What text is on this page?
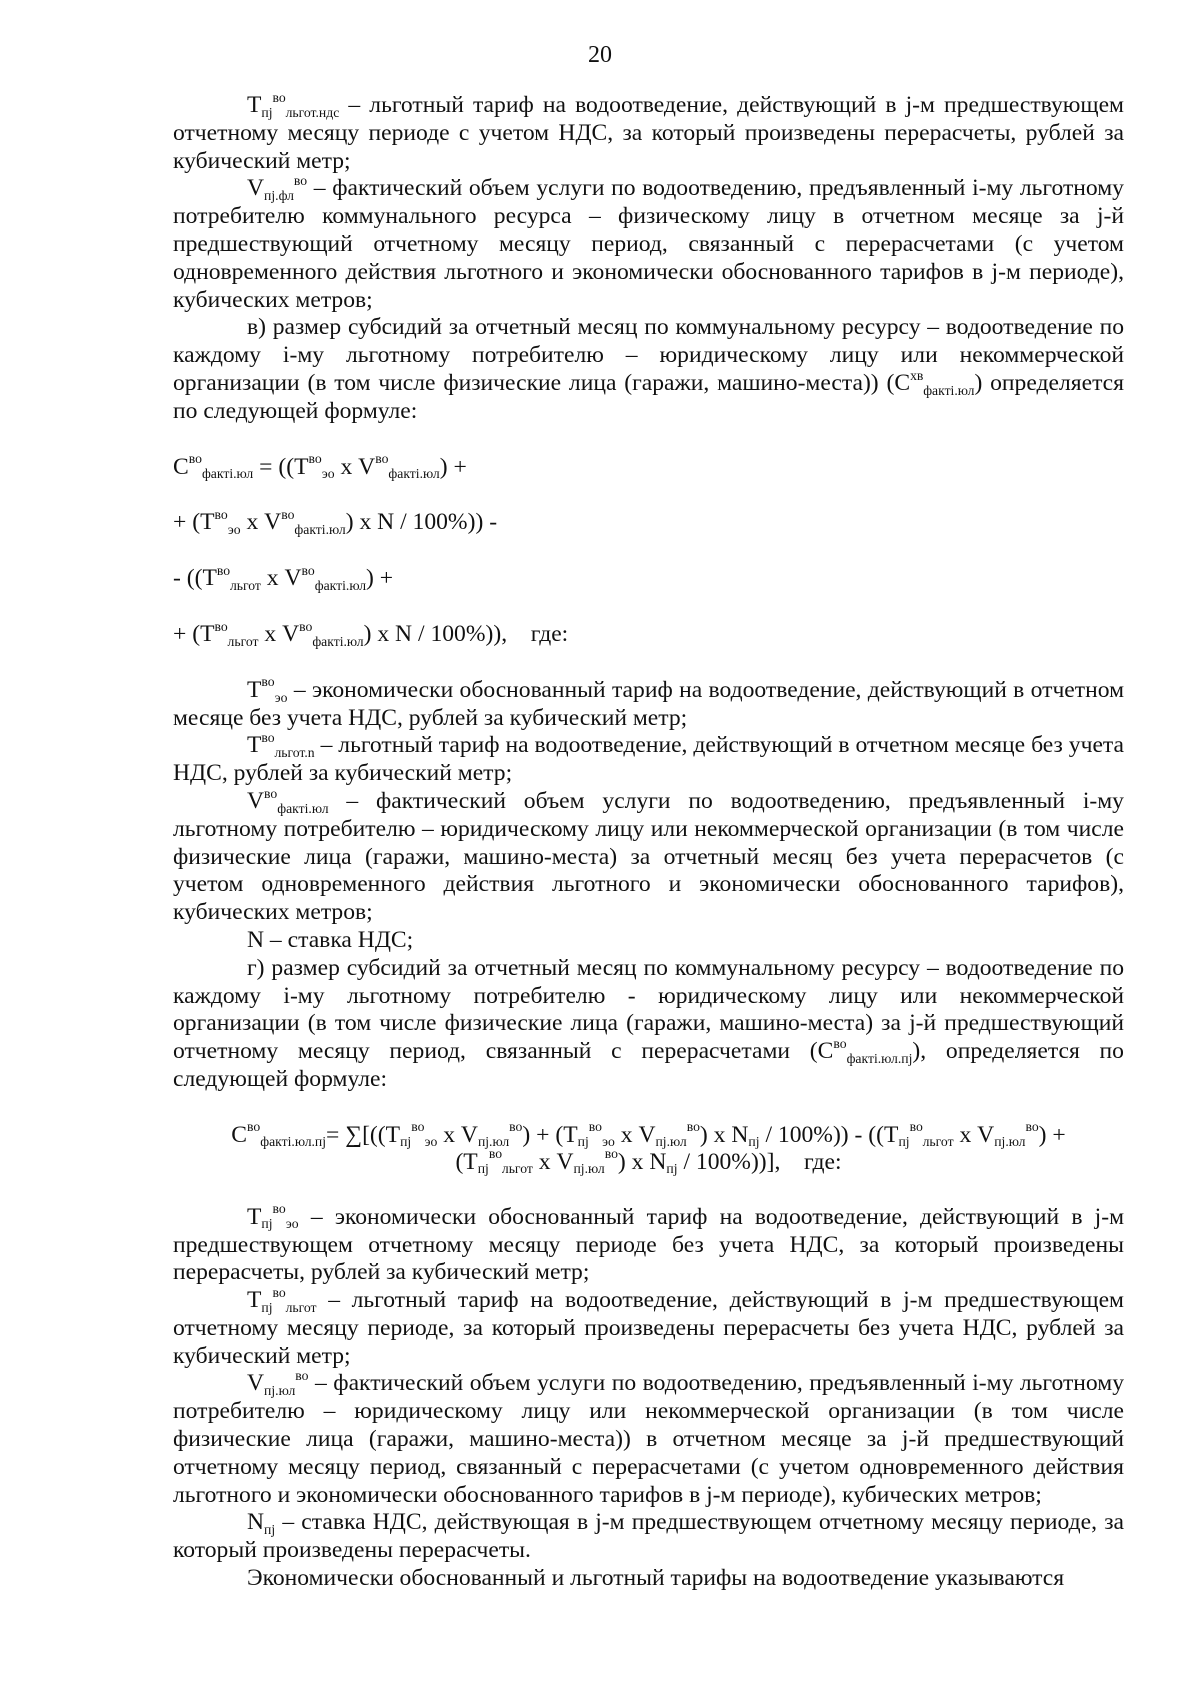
20

$Т_{пj}^{во}_{льгот.ндс}$ – льготный тариф на водоотведение, действующий в j-м предшествующем отчетному месяцу периоде с учетом НДС, за который произведены перерасчеты, рублей за кубический метр;

$V_{пj.фл}^{во}$ – фактический объем услуги по водоотведению, предъявленный i-му льготному потребителю коммунального ресурса – физическому лицу в отчетном месяце за j-й предшествующий отчетному месяцу период, связанный с перерасчетами (с учетом одновременного действия льготного и экономически обоснованного тарифов в j-м периоде), кубических метров;

в) размер субсидий за отчетный месяц по коммунальному ресурсу – водоотведение по каждому i-му льготному потребителю – юридическому лицу или некоммерческой организации (в том числе физические лица (гаражи, машино-места)) $(С^{хв}_{факті.юл})$ определяется по следующей формуле:

$С^{во}_{факті.юл} = ((Т^{во}_{эо}$ х $V^{во}_{факті.юл}$) +

+ ($Т^{во}_{эо}$ х $V^{во}_{факті.юл}$) х N / 100%)) -

- (($Т^{во}_{льгот}$ х $V^{во}_{факті.юл}$) +

+ ($Т^{во}_{льгот}$ х $V^{во}_{факті.юл}$) х N / 100%)), где:

$Т^{во}_{эо}$ – экономически обоснованный тариф на водоотведение, действующий в отчетном месяце без учета НДС, рублей за кубический метр;

$Т^{во}_{льгот.n}$ – льготный тариф на водоотведение, действующий в отчетном месяце без учета НДС, рублей за кубический метр;

$V^{во}_{факті.юл}$ – фактический объем услуги по водоотведению, предъявленный i-му льготному потребителю – юридическому лицу или некоммерческой организации (в том числе физические лица (гаражи, машино-места) за отчетный месяц без учета перерасчетов (с учетом одновременного действия льготного и экономически обоснованного тарифов), кубических метров;

N – ставка НДС;

г) размер субсидий за отчетный месяц по коммунальному ресурсу – водоотведение по каждому i-му льготному потребителю - юридическому лицу или некоммерческой организации (в том числе физические лица (гаражи, машино-места) за j-й предшествующий отчетному месяцу период, связанный с перерасчетами $(С^{во}_{факті.юл.пj})$, определяется по следующей формуле:

$С^{во}_{факті.юл.пj}= \sum[((Т_{пj}^{во}_{эо}$ х $V_{пj.юл}^{во}) + (Т_{пj}^{во}_{эо}$ х $V_{пj.юл}^{во}$) х $N_{пj} / 100\%)) - ((Т_{пj}^{во}_{льгот}$ х $V_{пj.юл}^{во}$) +
($Т_{пj}^{во}_{льгот}$ х $V_{пj.юл}^{во}$) х $N_{пj} / 100\%$))], где:

$Т_{пj}^{во}_{эо}$ – экономически обоснованный тариф на водоотведение, действующий в j-м предшествующем отчетному месяцу периоде без учета НДС, за который произведены перерасчеты, рублей за кубический метр;

$Т_{пj}^{во}_{льгот}$ – льготный тариф на водоотведение, действующий в j-м предшествующем отчетному месяцу периоде, за который произведены перерасчеты без учета НДС, рублей за кубический метр;

$V_{пj.юл}^{во}$ – фактический объем услуги по водоотведению, предъявленный i-му льготному потребителю – юридическому лицу или некоммерческой организации (в том числе физические лица (гаражи, машино-места)) в отчетном месяце за j-й предшествующий отчетному месяцу период, связанный с перерасчетами (с учетом одновременного действия льготного и экономически обоснованного тарифов в j-м периоде), кубических метров;

$N_{пj}$ – ставка НДС, действующая в j-м предшествующем отчетному месяцу периоде, за который произведены перерасчеты.

Экономически обоснованный и льготный тарифы на водоотведение указываются
